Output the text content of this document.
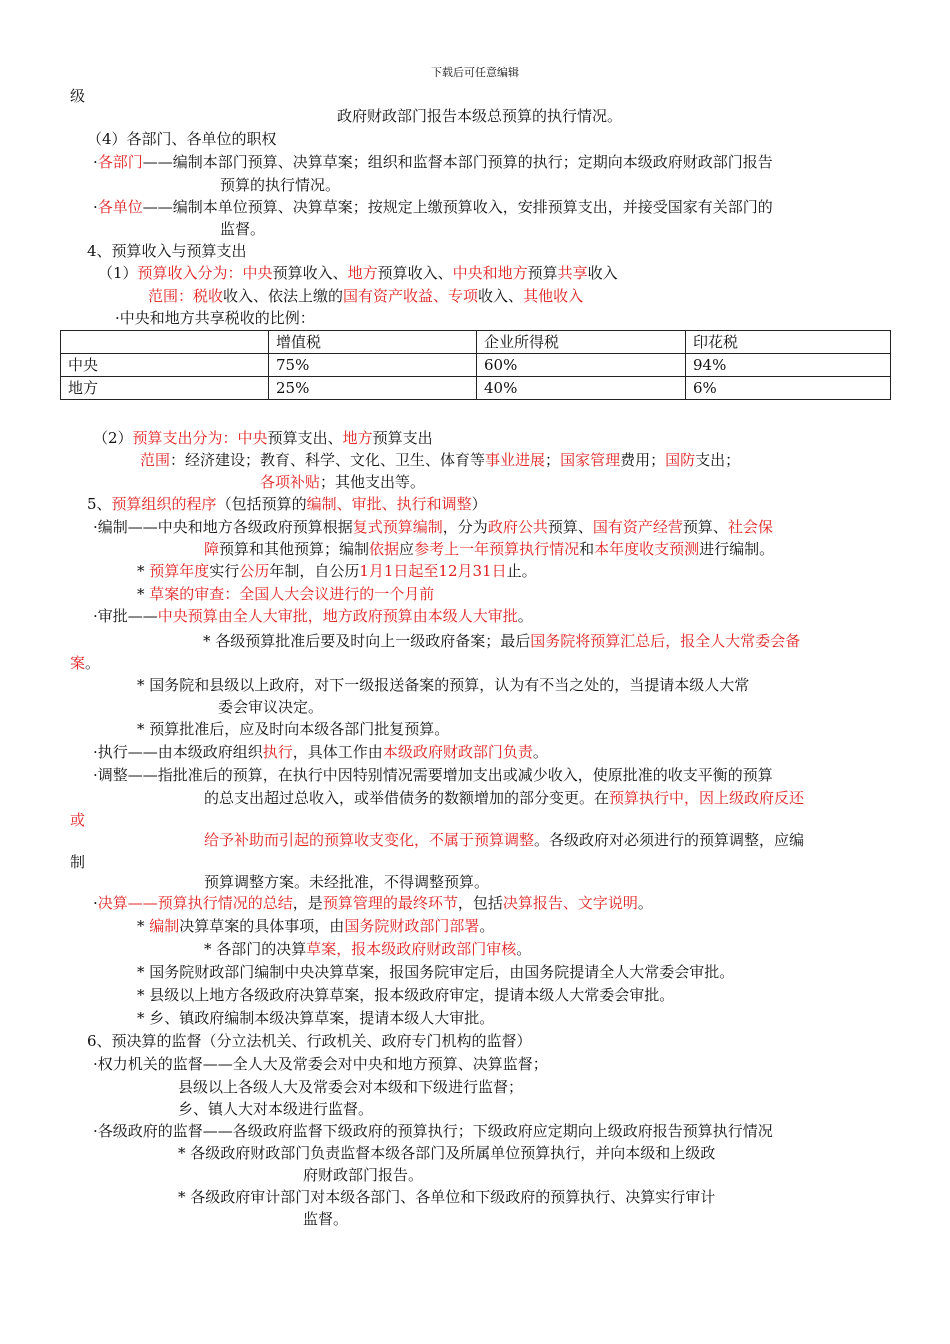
下载后可任意编辑
级
政府财政部门报告本级总预算的执行情况。
（4）各部门、各单位的职权
·各部门——编制本部门预算、决算草案；组织和监督本部门预算的执行；定期向本级政府财政部门报告
预算的执行情况。
·各单位——编制本单位预算、决算草案；按规定上缴预算收入，安排预算支出，并接受国家有关部门的
监督。
4、预算收入与预算支出
（1）预算收入分为：中央预算收入、地方预算收入、中央和地方预算共享收入
范围：税收收入、依法上缴的国有资产收益、专项收入、其他收入
·中央和地方共享税收的比例：
	增值税	企业所得税	印花税
中央	75%	60%	94%
地方	25%	40%	6%
（2）预算支出分为：中央预算支出、地方预算支出
范围：经济建设；教育、科学、文化、卫生、体育等事业进展；国家管理费用；国防支出；
各项补贴；其他支出等。
5、预算组织的程序（包括预算的编制、审批、执行和调整）
·编制——中央和地方各级政府预算根据复式预算编制，分为政府公共预算、国有资产经营预算、社会保
障预算和其他预算；编制依据应参考上一年预算执行情况和本年度收支预测进行编制。
* 预算年度实行公历年制，自公历1月1日起至12月31日止。
* 草案的审查：全国人大会议进行的一个月前
·审批——中央预算由全人大审批，地方政府预算由本级人大审批。
* 各级预算批准后要及时向上一级政府备案；最后国务院将预算汇总后，报全人大常委会备
案。
* 国务院和县级以上政府，对下一级报送备案的预算，认为有不当之处的，当提请本级人大常
委会审议决定。
* 预算批准后，应及时向本级各部门批复预算。
·执行——由本级政府组织执行，具体工作由本级政府财政部门负责。
·调整——指批准后的预算，在执行中因特别情况需要增加支出或减少收入，使原批准的收支平衡的预算
的总支出超过总收入，或举借债务的数额增加的部分变更。在预算执行中，因上级政府反还
或
给予补助而引起的预算收支变化，不属于预算调整。各级政府对必须进行的预算调整，应编
制
预算调整方案。未经批准，不得调整预算。
·决算——预算执行情况的总结，是预算管理的最终环节，包括决算报告、文字说明。
* 编制决算草案的具体事项，由国务院财政部门部署。
* 各部门的决算草案，报本级政府财政部门审核。
* 国务院财政部门编制中央决算草案，报国务院审定后，由国务院提请全人大常委会审批。
* 县级以上地方各级政府决算草案，报本级政府审定，提请本级人大常委会审批。
* 乡、镇政府编制本级决算草案，提请本级人大审批。
6、预决算的监督（分立法机关、行政机关、政府专门机构的监督）
·权力机关的监督——全人大及常委会对中央和地方预算、决算监督；
县级以上各级人大及常委会对本级和下级进行监督；
乡、镇人大对本级进行监督。
·各级政府的监督——各级政府监督下级政府的预算执行；下级政府应定期向上级政府报告预算执行情况
* 各级政府财政部门负责监督本级各部门及所属单位预算执行，并向本级和上级政
府财政部门报告。
* 各级政府审计部门对本级各部门、各单位和下级政府的预算执行、决算实行审计
监督。
